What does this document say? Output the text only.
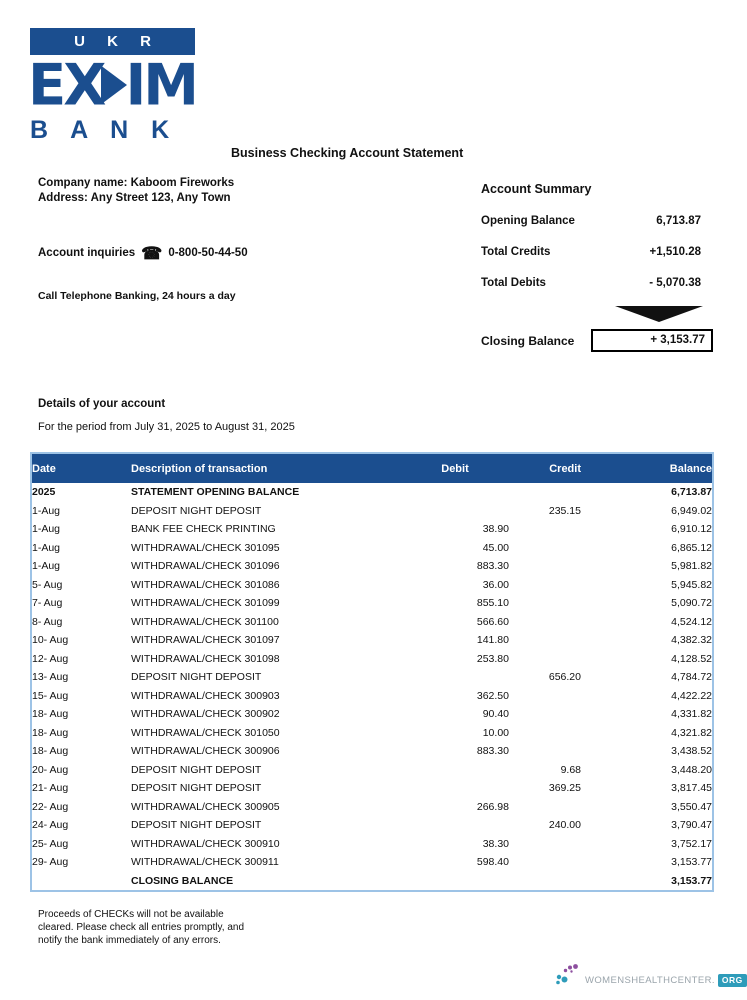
U K R
EX IM
B A N K
Business Checking Account Statement
Company name: Kaboom Fireworks
Address: Any Street 123, Any Town
Account inquiries ☎ 0-800-50-44-50
Call Telephone Banking, 24 hours a day
Account Summary
Opening Balance	6,713.87
Total Credits	+1,510.28
Total Debits	- 5,070.38
Closing Balance	+ 3,153.77
Details of your account
For the period from July 31, 2025 to August 31, 2025
Date	Description of transaction	Debit	Credit	Balance
2025	STATEMENT OPENING BALANCE			6,713.87
1-Aug	DEPOSIT NIGHT DEPOSIT		235.15	6,949.02
1-Aug	BANK FEE CHECK PRINTING	38.90		6,910.12
1-Aug	WITHDRAWAL/CHECK 301095	45.00		6,865.12
1-Aug	WITHDRAWAL/CHECK 301096	883.30		5,981.82
5- Aug	WITHDRAWAL/CHECK 301086	36.00		5,945.82
7- Aug	WITHDRAWAL/CHECK 301099	855.10		5,090.72
8- Aug	WITHDRAWAL/CHECK 301100	566.60		4,524.12
10- Aug	WITHDRAWAL/CHECK 301097	141.80		4,382.32
12- Aug	WITHDRAWAL/CHECK 301098	253.80		4,128.52
13- Aug	DEPOSIT NIGHT DEPOSIT		656.20	4,784.72
15- Aug	WITHDRAWAL/CHECK 300903	362.50		4,422.22
18- Aug	WITHDRAWAL/CHECK 300902	90.40		4,331.82
18- Aug	WITHDRAWAL/CHECK 301050	10.00		4,321.82
18- Aug	WITHDRAWAL/CHECK 300906	883.30		3,438.52
20- Aug	DEPOSIT NIGHT DEPOSIT		9.68	3,448.20
21- Aug	DEPOSIT NIGHT DEPOSIT		369.25	3,817.45
22- Aug	WITHDRAWAL/CHECK 300905	266.98		3,550.47
24- Aug	DEPOSIT NIGHT DEPOSIT		240.00	3,790.47
25- Aug	WITHDRAWAL/CHECK 300910	38.30		3,752.17
29- Aug	WITHDRAWAL/CHECK 300911	598.40		3,153.77
	CLOSING BALANCE			3,153.77
Proceeds of CHECKs will not be available
cleared. Please check all entries promptly, and
notify the bank immediately of any errors.
WOMENSHEALTHCENTER. ORG
